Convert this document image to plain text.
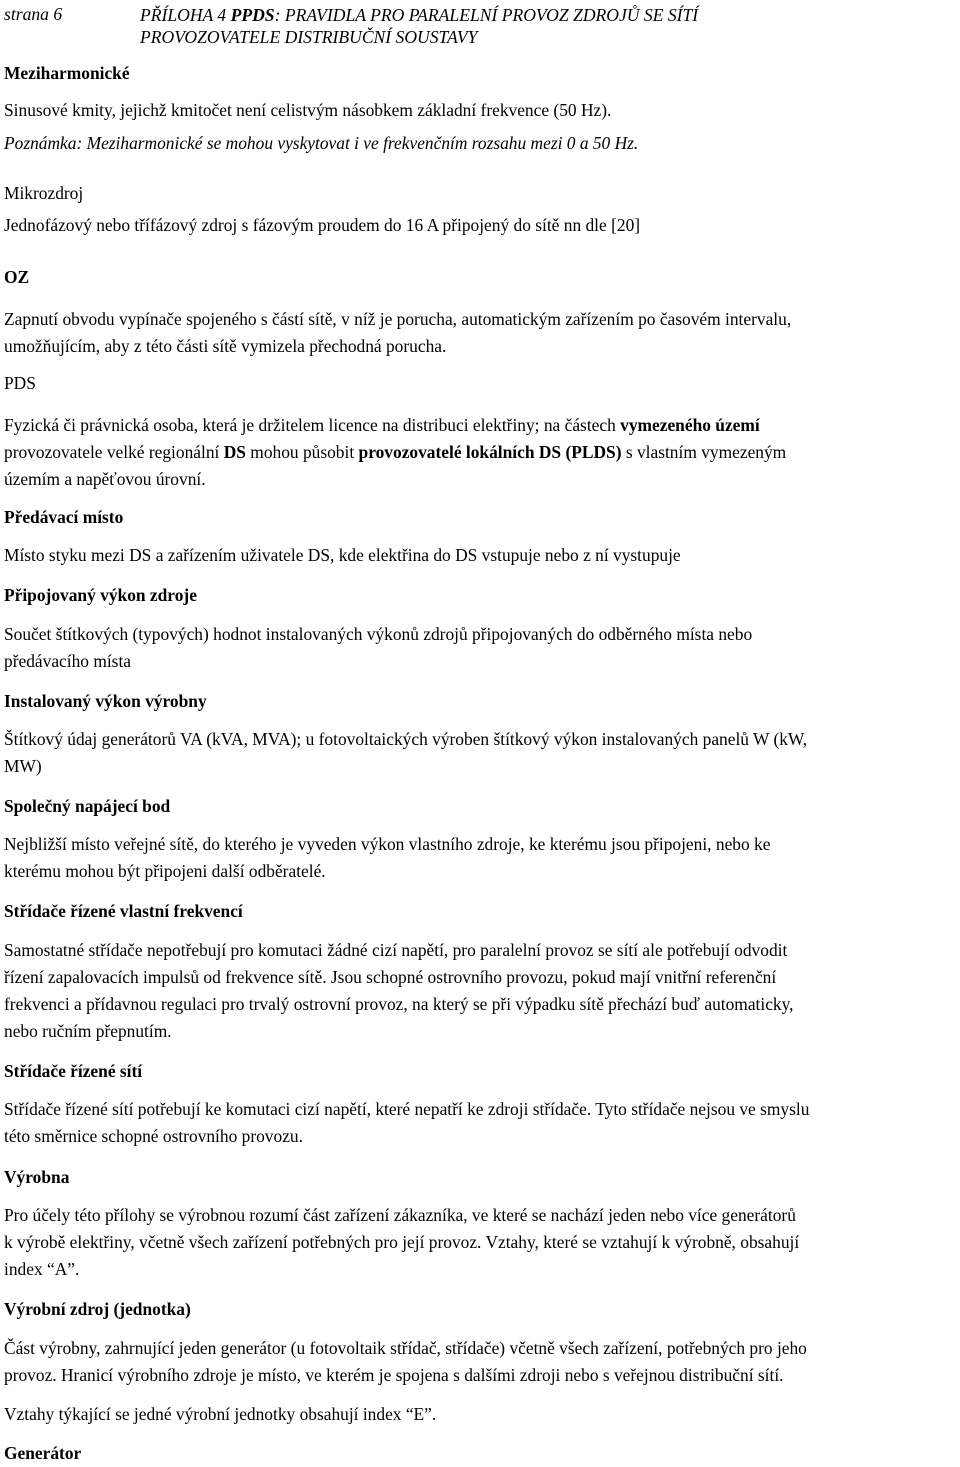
strana 6	PŘÍLOHA 4 PPDS: PRAVIDLA PRO PARALELNÍ PROVOZ ZDROJŮ SE SÍTÍ
PROVOZOVATELE DISTRIBUČNÍ SOUSTAVY
Meziharmonické
Sinusové kmity, jejichž kmitočet není celistvým násobkem základní frekvence (50 Hz).
Poznámka: Meziharmonické se mohou vyskytovat i ve frekvenčním rozsahu mezi 0 a 50 Hz.
Mikrozdroj
Jednofázový nebo třífázový zdroj s fázovým proudem do 16 A připojený do sítě nn dle [20]
OZ
Zapnutí obvodu vypínače spojeného s částí sítě, v níž je porucha, automatickým zařízením po časovém intervalu,
umožňujícím, aby z této části sítě vymizela přechodná porucha.
PDS
Fyzická či právnická osoba, která je držitelem licence na distribuci elektřiny; na částech vymezeného území
provozovatele velké regionální DS mohou působit provozovatelé lokálních DS (PLDS) s vlastním vymezeným
územím a napěťovou úrovní.
Předávací místo
Místo styku mezi DS a zařízením uživatele DS, kde elektřina do DS vstupuje nebo z ní vystupuje
Připojovaný výkon zdroje
Součet štítkových (typových) hodnot instalovaných výkonů zdrojů připojovaných do odběrného místa nebo
předávacího místa
Instalovaný výkon výrobny
Štítkový údaj generátorů VA (kVA, MVA); u fotovoltaických výroben štítkový výkon instalovaných panelů W (kW,
MW)
Společný napájecí bod
Nejbližší místo veřejné sítě, do kterého je vyveden výkon vlastního zdroje, ke kterému jsou připojeni, nebo ke
kterému mohou být připojeni další odběratelé.
Střídače řízené vlastní frekvencí
Samostatné střídače nepotřebují pro komutaci žádné cizí napětí, pro paralelní provoz se sítí ale potřebují odvodit
řízení zapalovacích impulsů od frekvence sítě. Jsou schopné ostrovního provozu, pokud mají vnitřní referenční
frekvenci a přídavnou regulaci pro trvalý ostrovní provoz, na který se při výpadku sítě přechází buď automaticky,
nebo ručním přepnutím.
Střídače řízené sítí
Střídače řízené sítí potřebují ke komutaci cizí napětí, které nepatří ke zdroji střídače. Tyto střídače nejsou ve smyslu
této směrnice schopné ostrovního provozu.
Výrobna
Pro účely této přílohy se výrobnou rozumí část zařízení zákazníka, ve které se nachází jeden nebo více generátorů
k výrobě elektřiny, včetně všech zařízení potřebných pro její provoz. Vztahy, které se vztahují k výrobně, obsahují
index “A”.
Výrobní zdroj (jednotka)
Část výrobny, zahrnující jeden generátor (u fotovoltaik střídač, střídače) včetně všech zařízení, potřebných pro jeho
provoz. Hranicí výrobního zdroje je místo, ve kterém je spojena s dalšími zdroji nebo s veřejnou distribuční sítí.
Vztahy týkající se jedné výrobní jednotky obsahují index “E”.
Generátor
